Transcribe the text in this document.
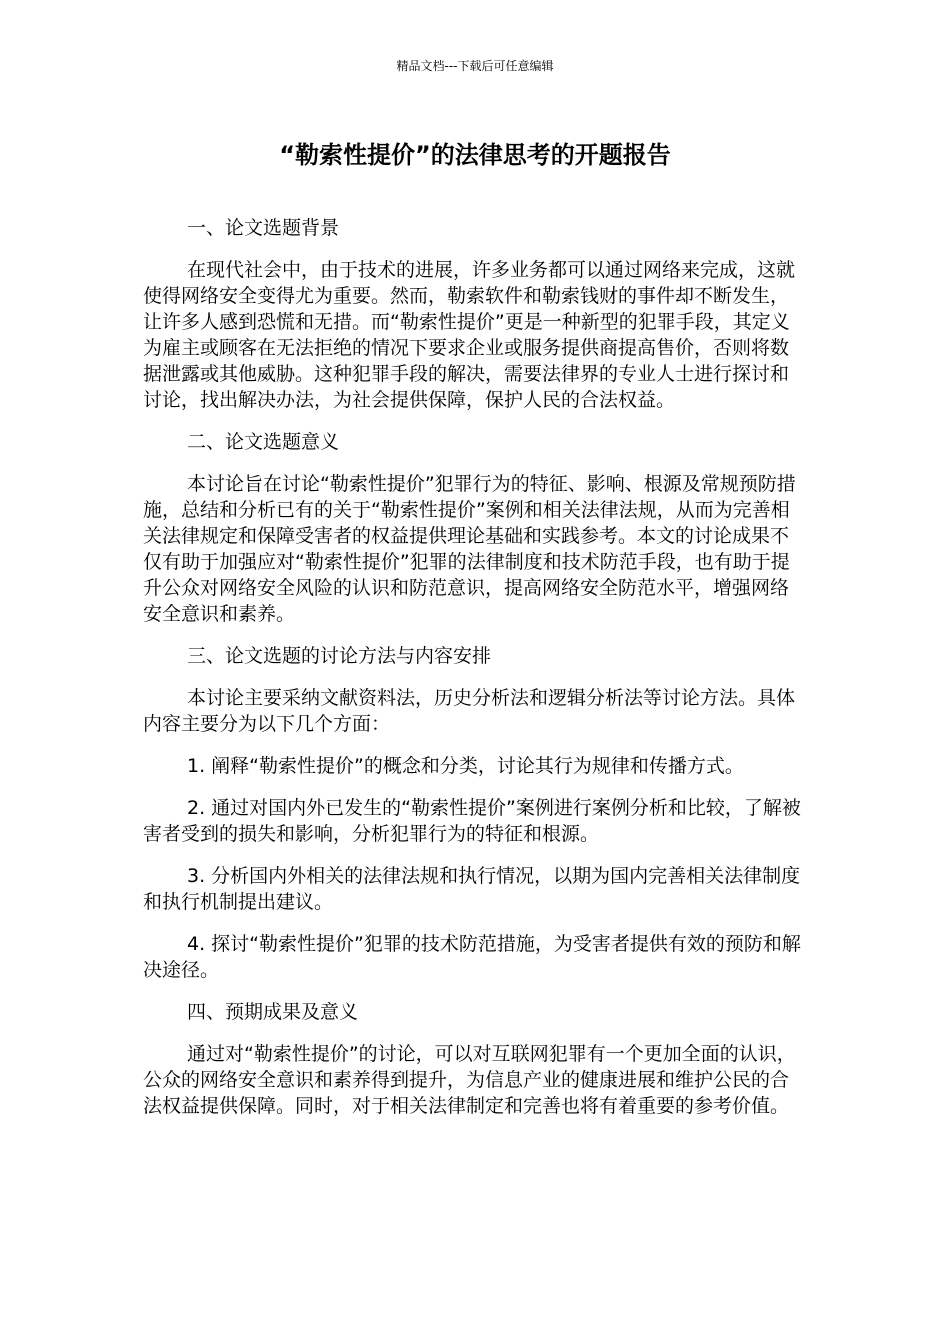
精品文档---下载后可任意编辑
“勒索性提价”的法律思考的开题报告

一、论文选题背景

在现代社会中，由于技术的进展，许多业务都可以通过网络来完成，这就使得网络安全变得尤为重要。然而，勒索软件和勒索钱财的事件却不断发生，让许多人感到恐慌和无措。而“勒索性提价”更是一种新型的犯罪手段，其定义为雇主或顾客在无法拒绝的情况下要求企业或服务提供商提高售价，否则将数据泄露或其他威胁。这种犯罪手段的解决，需要法律界的专业人士进行探讨和讨论，找出解决办法，为社会提供保障，保护人民的合法权益。

二、论文选题意义

本讨论旨在讨论“勒索性提价”犯罪行为的特征、影响、根源及常规预防措施，总结和分析已有的关于“勒索性提价”案例和相关法律法规，从而为完善相关法律规定和保障受害者的权益提供理论基础和实践参考。本文的讨论成果不仅有助于加强应对“勒索性提价”犯罪的法律制度和技术防范手段，也有助于提升公众对网络安全风险的认识和防范意识，提高网络安全防范水平，增强网络安全意识和素养。

三、论文选题的讨论方法与内容安排

本讨论主要采纳文献资料法，历史分析法和逻辑分析法等讨论方法。具体内容主要分为以下几个方面：

1. 阐释“勒索性提价”的概念和分类，讨论其行为规律和传播方式。

2. 通过对国内外已发生的“勒索性提价”案例进行案例分析和比较，了解被害者受到的损失和影响，分析犯罪行为的特征和根源。

3. 分析国内外相关的法律法规和执行情况，以期为国内完善相关法律制度和执行机制提出建议。

4. 探讨“勒索性提价”犯罪的技术防范措施，为受害者提供有效的预防和解决途径。

四、预期成果及意义

通过对“勒索性提价”的讨论，可以对互联网犯罪有一个更加全面的认识，公众的网络安全意识和素养得到提升，为信息产业的健康进展和维护公民的合法权益提供保障。同时，对于相关法律制定和完善也将有着重要的参考价值。
